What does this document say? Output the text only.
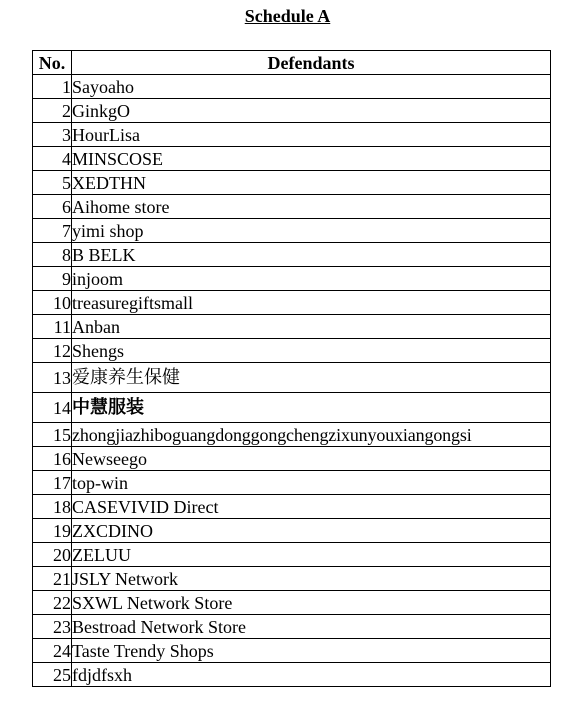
Schedule A
No.	Defendants
1	Sayoaho
2	GinkgO
3	HourLisa
4	MINSCOSE
5	XEDTHN
6	Aihome store
7	yimi shop
8	B BELK
9	injoom
10	treasuregiftsmall
11	Anban
12	Shengs
13	爱康养生保健
14	中慧服装
15	zhongjiazhiboguangdonggongchengzixunyouxiangongsi
16	Newseego
17	top-win
18	CASEVIVID Direct
19	ZXCDINO
20	ZELUU
21	JSLY Network
22	SXWL Network Store
23	Bestroad Network Store
24	Taste Trendy Shops
25	fdjdfsxh
